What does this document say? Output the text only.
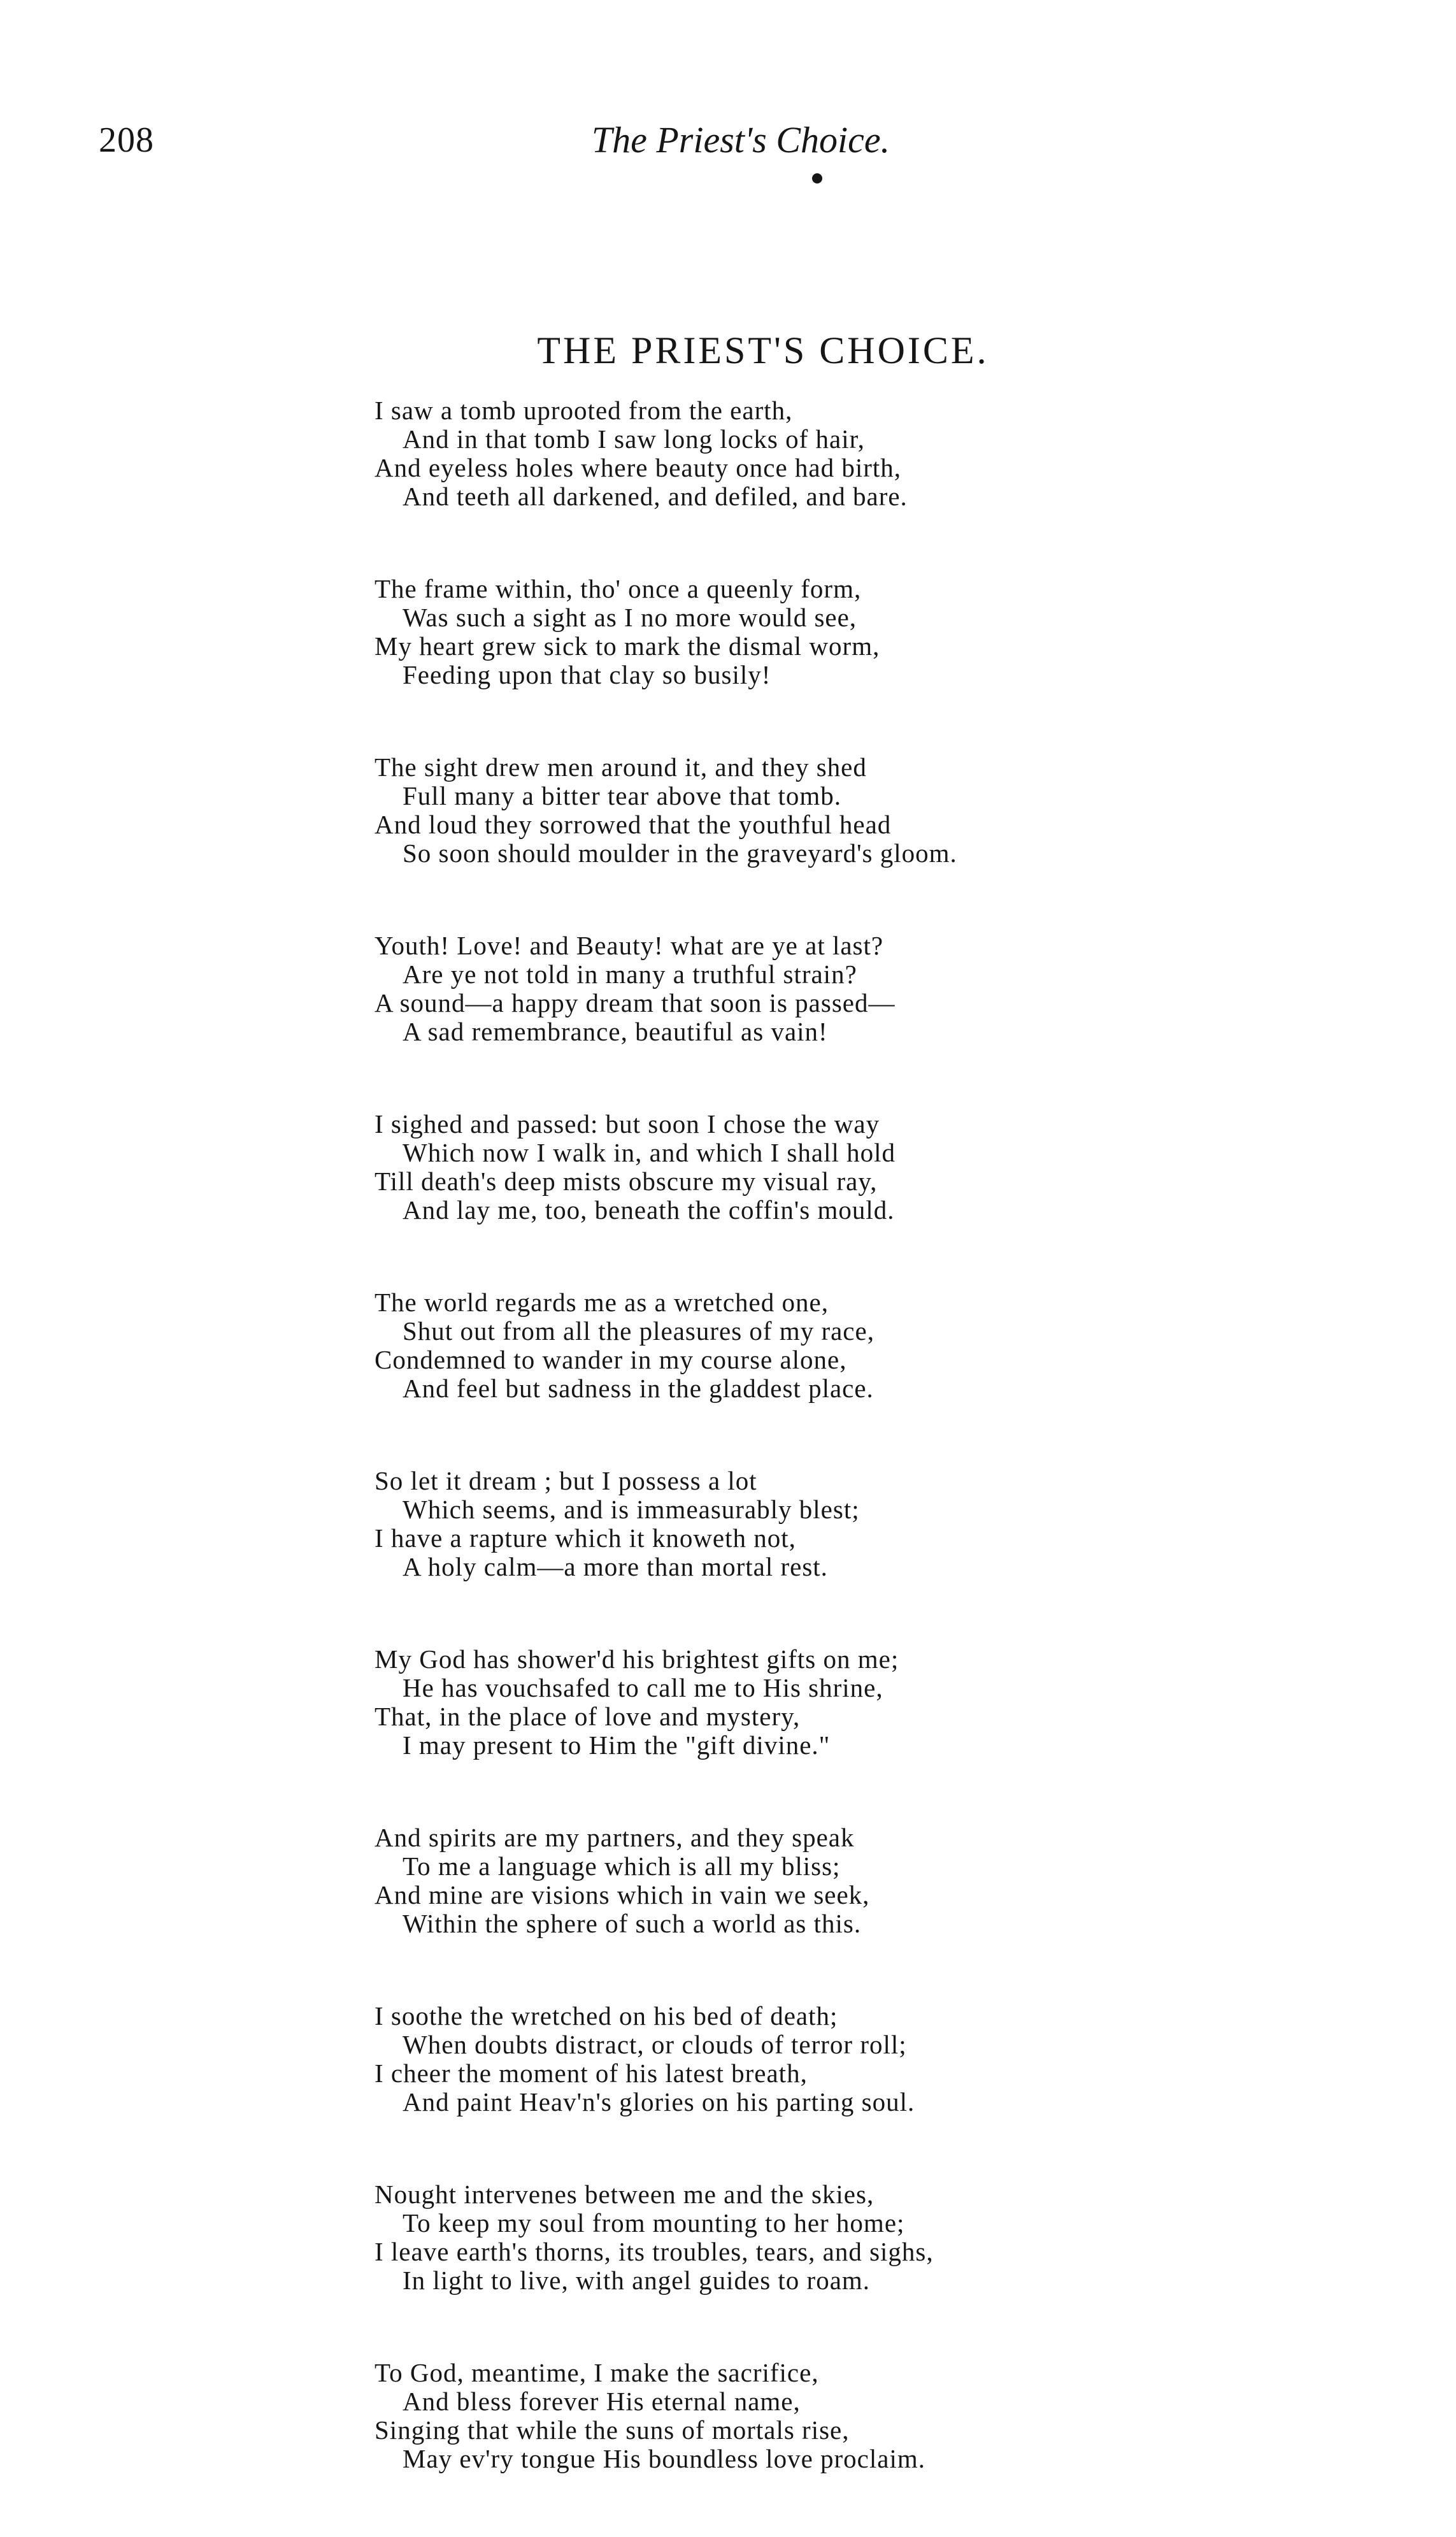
208	The Priest's Choice.
THE PRIEST'S CHOICE.
I saw a tomb uprooted from the earth,
And in that tomb I saw long locks of hair,
And eyeless holes where beauty once had birth,
And teeth all darkened, and defiled, and bare.
The frame within, tho' once a queenly form,
Was such a sight as I no more would see,
My heart grew sick to mark the dismal worm,
Feeding upon that clay so busily!
The sight drew men around it, and they shed
Full many a bitter tear above that tomb.
And loud they sorrowed that the youthful head
So soon should moulder in the graveyard's gloom.
Youth! Love! and Beauty! what are ye at last?
Are ye not told in many a truthful strain?
A sound—a happy dream that soon is passed—
A sad remembrance, beautiful as vain!
I sighed and passed: but soon I chose the way
Which now I walk in, and which I shall hold
Till death's deep mists obscure my visual ray,
And lay me, too, beneath the coffin's mould.
The world regards me as a wretched one,
Shut out from all the pleasures of my race,
Condemned to wander in my course alone,
And feel but sadness in the gladdest place.
So let it dream ; but I possess a lot
Which seems, and is immeasurably blest;
I have a rapture which it knoweth not,
A holy calm—a more than mortal rest.
My God has shower'd his brightest gifts on me;
He has vouchsafed to call me to His shrine,
That, in the place of love and mystery,
I may present to Him the "gift divine."
And spirits are my partners, and they speak
To me a language which is all my bliss;
And mine are visions which in vain we seek,
Within the sphere of such a world as this.
I soothe the wretched on his bed of death;
When doubts distract, or clouds of terror roll;
I cheer the moment of his latest breath,
And paint Heav'n's glories on his parting soul.
Nought intervenes between me and the skies,
To keep my soul from mounting to her home;
I leave earth's thorns, its troubles, tears, and sighs,
In light to live, with angel guides to roam.
To God, meantime, I make the sacrifice,
And bless forever His eternal name,
Singing that while the suns of mortals rise,
May ev'ry tongue His boundless love proclaim.
